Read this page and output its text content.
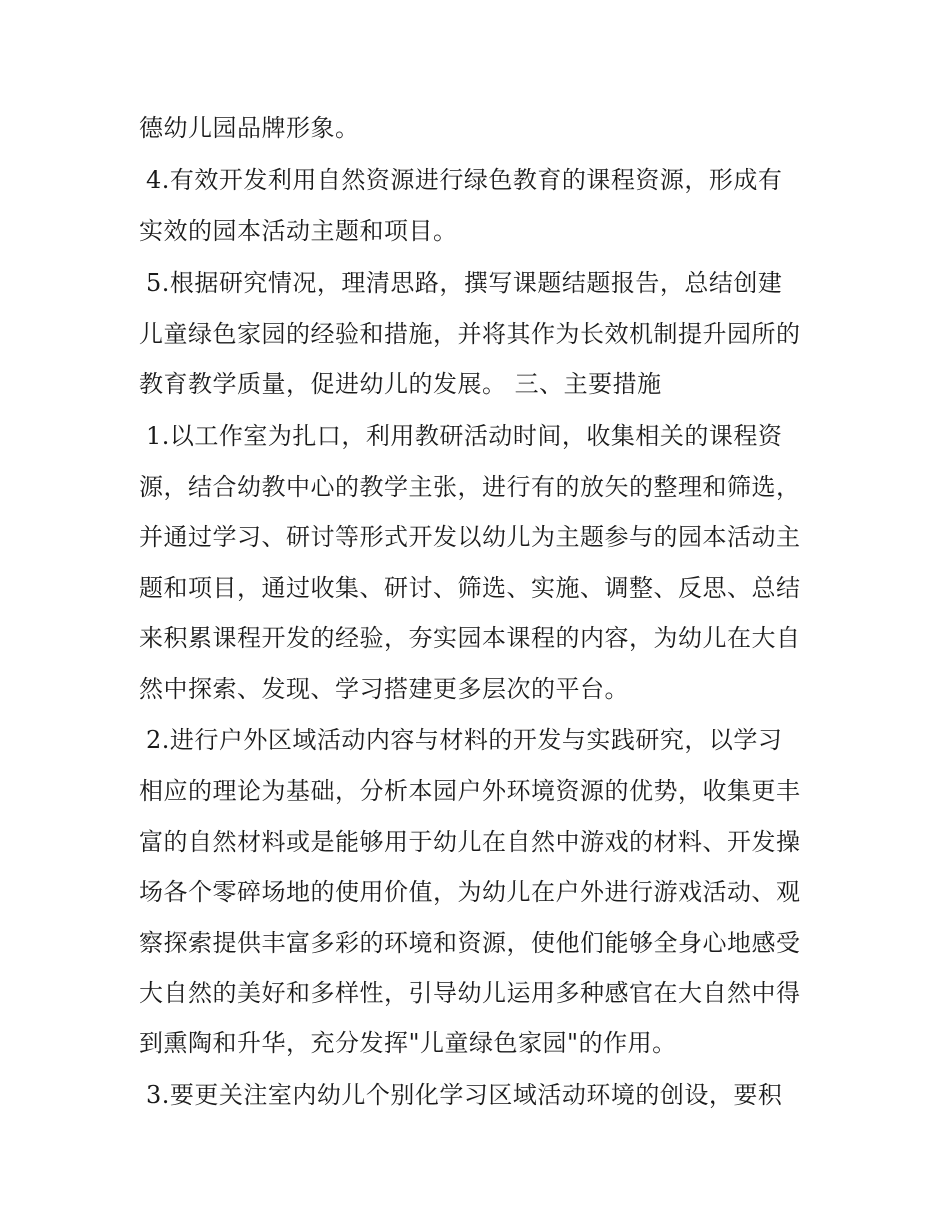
德幼儿园品牌形象。
4.有效开发利用自然资源进行绿色教育的课程资源，形成有
实效的园本活动主题和项目。
5.根据研究情况，理清思路，撰写课题结题报告，总结创建
儿童绿色家园的经验和措施，并将其作为长效机制提升园所的
教育教学质量，促进幼儿的发展。 三、主要措施
1.以工作室为扎口，利用教研活动时间，收集相关的课程资
源，结合幼教中心的教学主张，进行有的放矢的整理和筛选，
并通过学习、研讨等形式开发以幼儿为主题参与的园本活动主
题和项目，通过收集、研讨、筛选、实施、调整、反思、总结
来积累课程开发的经验，夯实园本课程的内容，为幼儿在大自
然中探索、发现、学习搭建更多层次的平台。
2.进行户外区域活动内容与材料的开发与实践研究，以学习
相应的理论为基础，分析本园户外环境资源的优势，收集更丰
富的自然材料或是能够用于幼儿在自然中游戏的材料、开发操
场各个零碎场地的使用价值，为幼儿在户外进行游戏活动、观
察探索提供丰富多彩的环境和资源，使他们能够全身心地感受
大自然的美好和多样性，引导幼儿运用多种感官在大自然中得
到熏陶和升华，充分发挥"儿童绿色家园"的作用。
3.要更关注室内幼儿个别化学习区域活动环境的创设，要积
